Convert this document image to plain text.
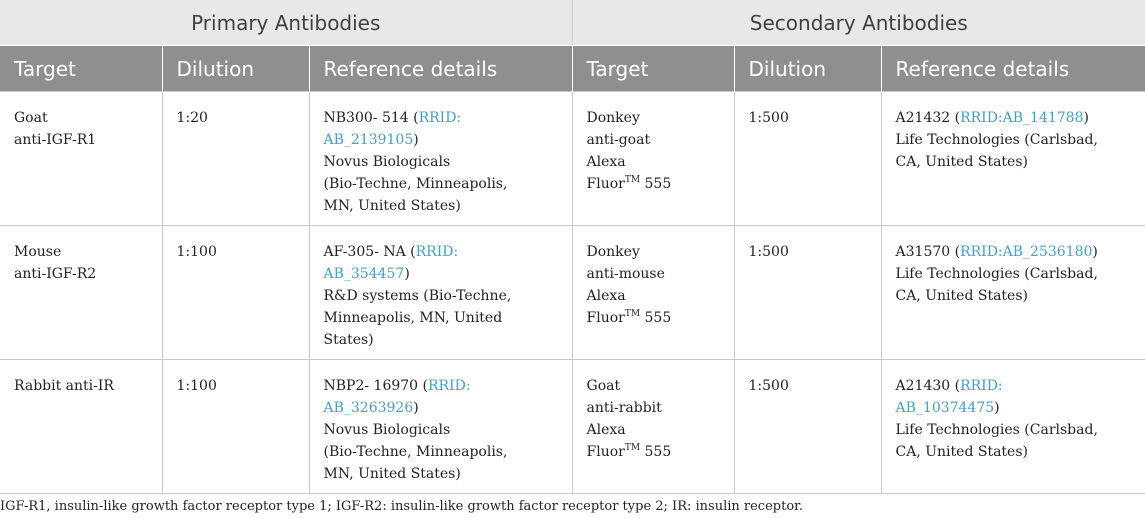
Primary Antibodies			Secondary Antibodies		
Target	Dilution	Reference details	Target	Dilution	Reference details

Goat
anti-IGF-R1	1:20	NB300- 514 (RRID:
AB_2139105)
Novus Biologicals
(Bio-Techne, Minneapolis,
MN, United States)	Donkey
anti-goat
Alexa
Fluor™ 555	1:500	A21432 (RRID:AB_141788)
Life Technologies (Carlsbad,
CA, United States)

Mouse
anti-IGF-R2	1:100	AF-305- NA (RRID:
AB_354457)
R&D systems (Bio-Techne,
Minneapolis, MN, United
States)	Donkey
anti-mouse
Alexa
Fluor™ 555	1:500	A31570 (RRID:AB_2536180)
Life Technologies (Carlsbad,
CA, United States)

Rabbit anti-IR	1:100	NBP2- 16970 (RRID:
AB_3263926)
Novus Biologicals
(Bio-Techne, Minneapolis,
MN, United States)	Goat
anti-rabbit
Alexa
Fluor™ 555	1:500	A21430 (RRID:
AB_10374475)
Life Technologies (Carlsbad,
CA, United States)
IGF-R1, insulin-like growth factor receptor type 1; IGF-R2: insulin-like growth factor receptor type 2; IR: insulin receptor.
